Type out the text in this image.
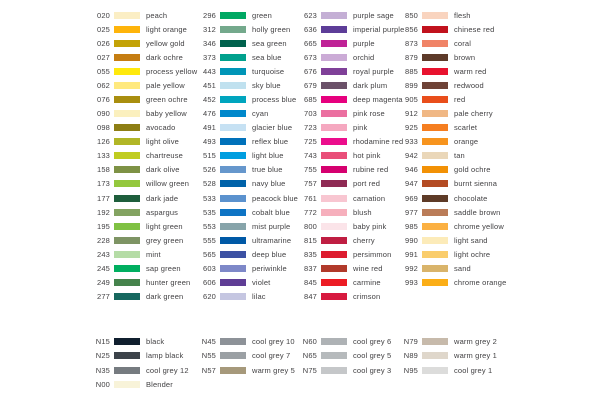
020	peach
025	light orange
026	yellow gold
027	dark ochre
055	process yellow
062	pale yellow
076	green ochre
090	baby yellow
098	avocado
126	light olive
133	chartreuse
158	dark olive
173	willow green
177	dark jade
192	aspargus
195	light green
228	grey green
243	mint
245	sap green
249	hunter green
277	dark green
296	green
312	holly green
346	sea green
373	sea blue
443	turquoise
451	sky blue
452	process blue
476	cyan
491	glacier blue
493	reflex blue
515	light blue
526	true blue
528	navy blue
533	peacock blue
535	cobalt blue
553	mist purple
555	ultramarine
565	deep blue
603	periwinkle
606	violet
620	lilac
623	purple sage
636	imperial purple
665	purple
673	orchid
676	royal purple
679	dark plum
685	deep magenta
703	pink rose
723	pink
725	rhodamine red
743	hot pink
755	rubine red
757	port red
761	carnation
772	blush
800	baby pink
815	cherry
835	persimmon
837	wine red
845	carmine
847	crimson
850	flesh
856	chinese red
873	coral
879	brown
885	warm red
899	redwood
905	red
912	pale cherry
925	scarlet
933	orange
942	tan
946	gold ochre
947	burnt sienna
969	chocolate
977	saddle brown
985	chrome yellow
990	light sand
991	light ochre
992	sand
993	chrome orange
N15	black
N25	lamp black
N35	cool grey 12
N00	Blender
N45	cool grey 10
N55	cool grey 7
N57	warm grey 5
N60	cool grey 6
N65	cool grey 5
N75	cool grey 3
N79	warm grey 2
N89	warm grey 1
N95	cool grey 1
